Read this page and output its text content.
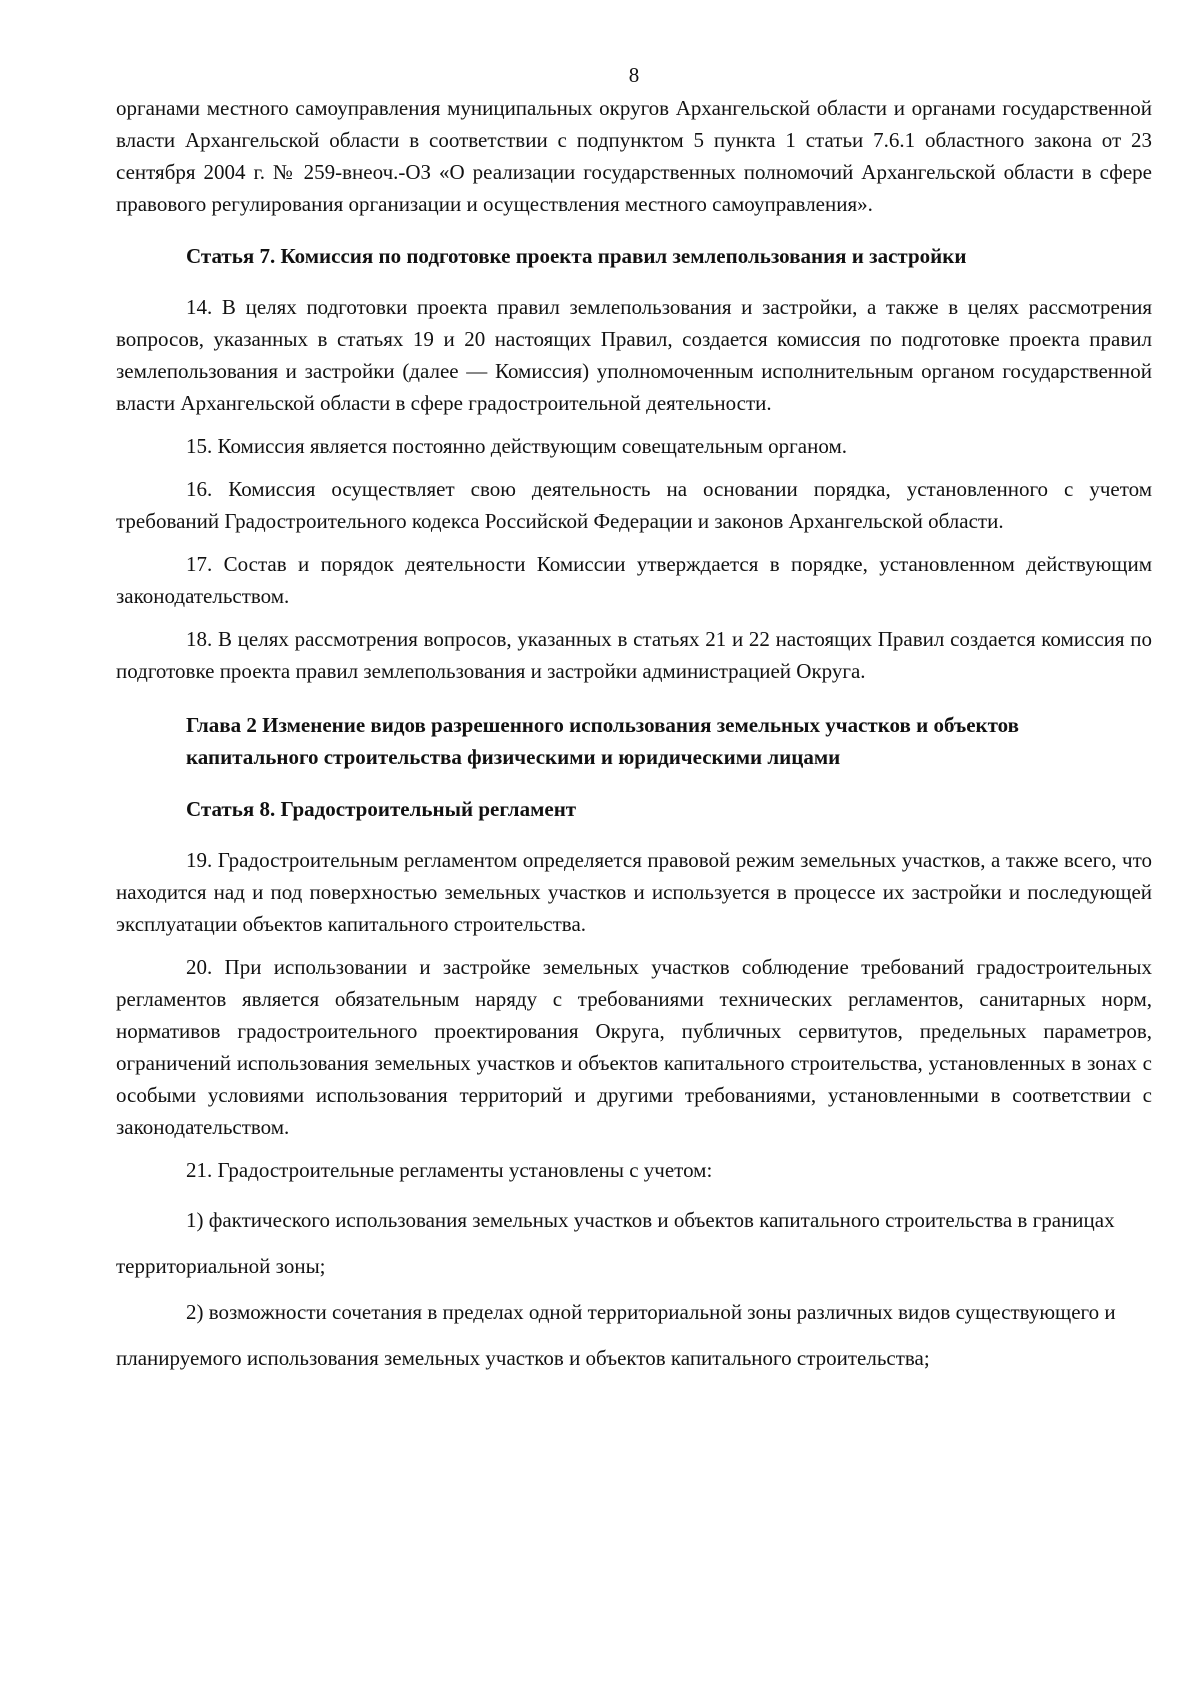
8

органами местного самоуправления муниципальных округов Архангельской области и органами государственной власти Архангельской области в соответствии с подпунктом 5 пункта 1 статьи 7.6.1 областного закона от 23 сентября 2004 г. № 259-внеоч.-ОЗ «О реализации государственных полномочий Архангельской области в сфере правового регулирования организации и осуществления местного самоуправления».

Статья 7. Комиссия по подготовке проекта правил землепользования и застройки

14. В целях подготовки проекта правил землепользования и застройки, а также в целях рассмотрения вопросов, указанных в статьях 19 и 20 настоящих Правил, создается комиссия по подготовке проекта правил землепользования и застройки (далее — Комиссия) уполномоченным исполнительным органом государственной власти Архангельской области в сфере градостроительной деятельности.

15. Комиссия является постоянно действующим совещательным органом.

16. Комиссия осуществляет свою деятельность на основании порядка, установленного с учетом требований Градостроительного кодекса Российской Федерации и законов Архангельской области.

17. Состав и порядок деятельности Комиссии утверждается в порядке, установленном действующим законодательством.

18. В целях рассмотрения вопросов, указанных в статьях 21 и 22 настоящих Правил создается комиссия по подготовке проекта правил землепользования и застройки администрацией Округа.

Глава 2 Изменение видов разрешенного использования земельных участков и объектов капитального строительства физическими и юридическими лицами

Статья 8. Градостроительный регламент

19. Градостроительным регламентом определяется правовой режим земельных участков, а также всего, что находится над и под поверхностью земельных участков и используется в процессе их застройки и последующей эксплуатации объектов капитального строительства.

20. При использовании и застройке земельных участков соблюдение требований градостроительных регламентов является обязательным наряду с требованиями технических регламентов, санитарных норм, нормативов градостроительного проектирования Округа, публичных сервитутов, предельных параметров, ограничений использования земельных участков и объектов капитального строительства, установленных в зонах с особыми условиями использования территорий и другими требованиями, установленными в соответствии с законодательством.

21. Градостроительные регламенты установлены с учетом:

1) фактического использования земельных участков и объектов капитального строительства в границах территориальной зоны;

2) возможности сочетания в пределах одной территориальной зоны различных видов существующего и планируемого использования земельных участков и объектов капитального строительства;
